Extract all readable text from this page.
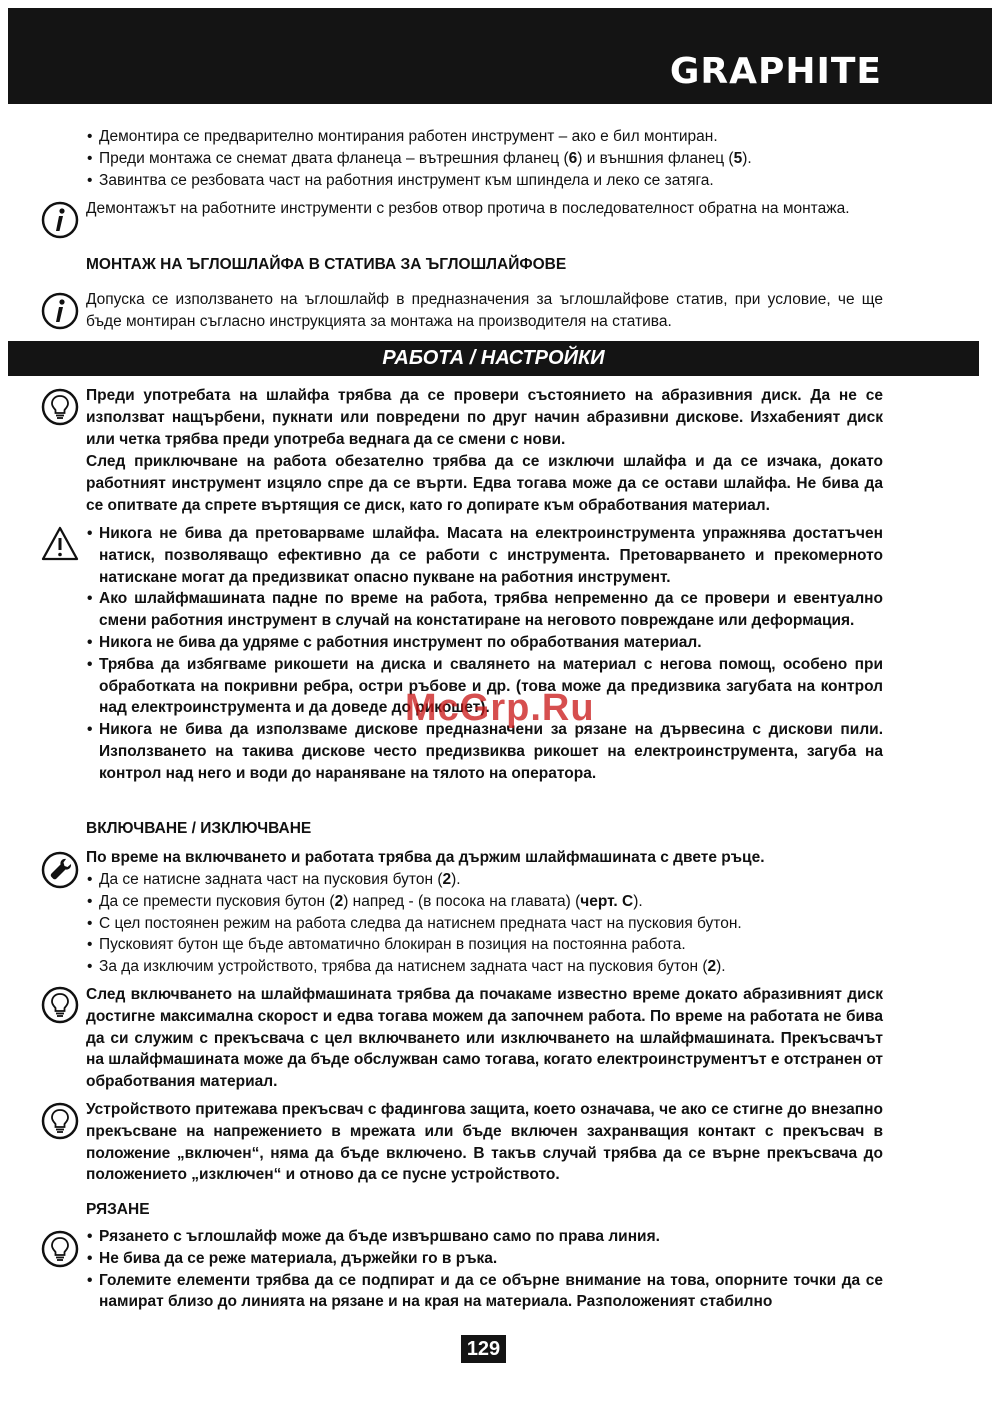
GRAPHITE
• Демонтира се предварително монтирания работен инструмент – ако е бил монтиран.
• Преди монтажа се снемат двата фланеца – вътрешния фланец (6) и външния фланец (5).
• Завинтва се резбовата част на работния инструмент към шпиндела и леко се затяга.
Демонтажът на работните инструменти с резбов отвор протича в последователност обратна на монтажа.
МОНТАЖ НА ЪГЛОШЛАЙФА В СТАТИВА ЗА ЪГЛОШЛАЙФОВЕ
Допуска се използването на ъглошлайф в предназначения за ъглошлайфове статив, при условие, че ще бъде монтиран съгласно инструкцията за монтажа на производителя на статива.
РАБОТА / НАСТРОЙКИ
Преди употребата на шлайфа трябва да се провери състоянието на абразивния диск. Да не се използват нащърбени, пукнати или повредени по друг начин абразивни дискове. Изхабеният диск или четка трябва преди употреба веднага да се смени с нови.
След приключване на работа обезателно трябва да се изключи шлайфа и да се изчака, докато работният инструмент изцяло спре да се върти. Едва тогава може да се остави шлайфа. Не бива да се опитвате да спрете въртящия се диск, като го допирате към обработвания материал.
• Никога не бива да претоварваме шлайфа. Масата на електроинструмента упражнява достатъчен натиск, позволяващо ефективно да се работи с инструмента. Претоварването и прекомерното натискане могат да предизвикат опасно пукване на работния инструмент.
• Ако шлайфмашината падне по време на работа, трябва непременно да се провери и евентуално смени работния инструмент в случай на констатиране на неговото повреждане или деформация.
• Никога не бива да удряме с работния инструмент по обработвания материал.
• Трябва да избягваме рикошети на диска и свалянето на материал с негова помощ, особено при обработката на покривни ребра, остри ръбове и др. (това може да предизвика загубата на контрол над електроинструмента и да доведе до рикошет).
• Никога не бива да използваме дискове предназначени за рязане на дървесина с дискови пили. Използването на такива дискове често предизвиква рикошет на електроинструмента, загуба на контрол над него и води до нараняване на тялото на оператора.
McGrp.Ru
ВКЛЮЧВАНЕ / ИЗКЛЮЧВАНЕ
По време на включването и работата трябва да държим шлайфмашината с двете ръце.
• Да се натисне задната част на пусковия бутон (2).
• Да се премести пусковия бутон (2) напред - (в посока на главата) (черт. C).
• С цел постоянен режим на работа следва да натиснем предната част на пусковия бутон.
• Пусковият бутон ще бъде автоматично блокиран в позиция на постоянна работа.
• За да изключим устройството, трябва да натиснем задната част на пусковия бутон (2).
След включването на шлайфмашината трябва да почакаме известно време докато абразивният диск достигне максимална скорост и едва тогава можем да започнем работа. По време на работата не бива да си служим с прекъсвача с цел включването или изключването на шлайфмашината. Прекъсвачът на шлайфмашината може да бъде обслужван само тогава, когато електроинструментът е отстранен от обработвания материал.
Устройството притежава прекъсвач с фадингова защита, което означава, че ако се стигне до внезапно прекъсване на напрежението в мрежата или бъде включен захранващия контакт с прекъсвач в положение „включен“, няма да бъде включено. В такъв случай трябва да се върне прекъсвача до положението „изключен“ и отново да се пусне устройството.
РЯЗАНЕ
• Рязането с ъглошлайф може да бъде извършвано само по права линия.
• Не бива да се реже материала, държейки го в ръка.
• Големите елементи трябва да се подпират и да се обърне внимание на това, опорните точки да се намират близо до линията на рязане и на края на материала. Разположеният стабилно
129
